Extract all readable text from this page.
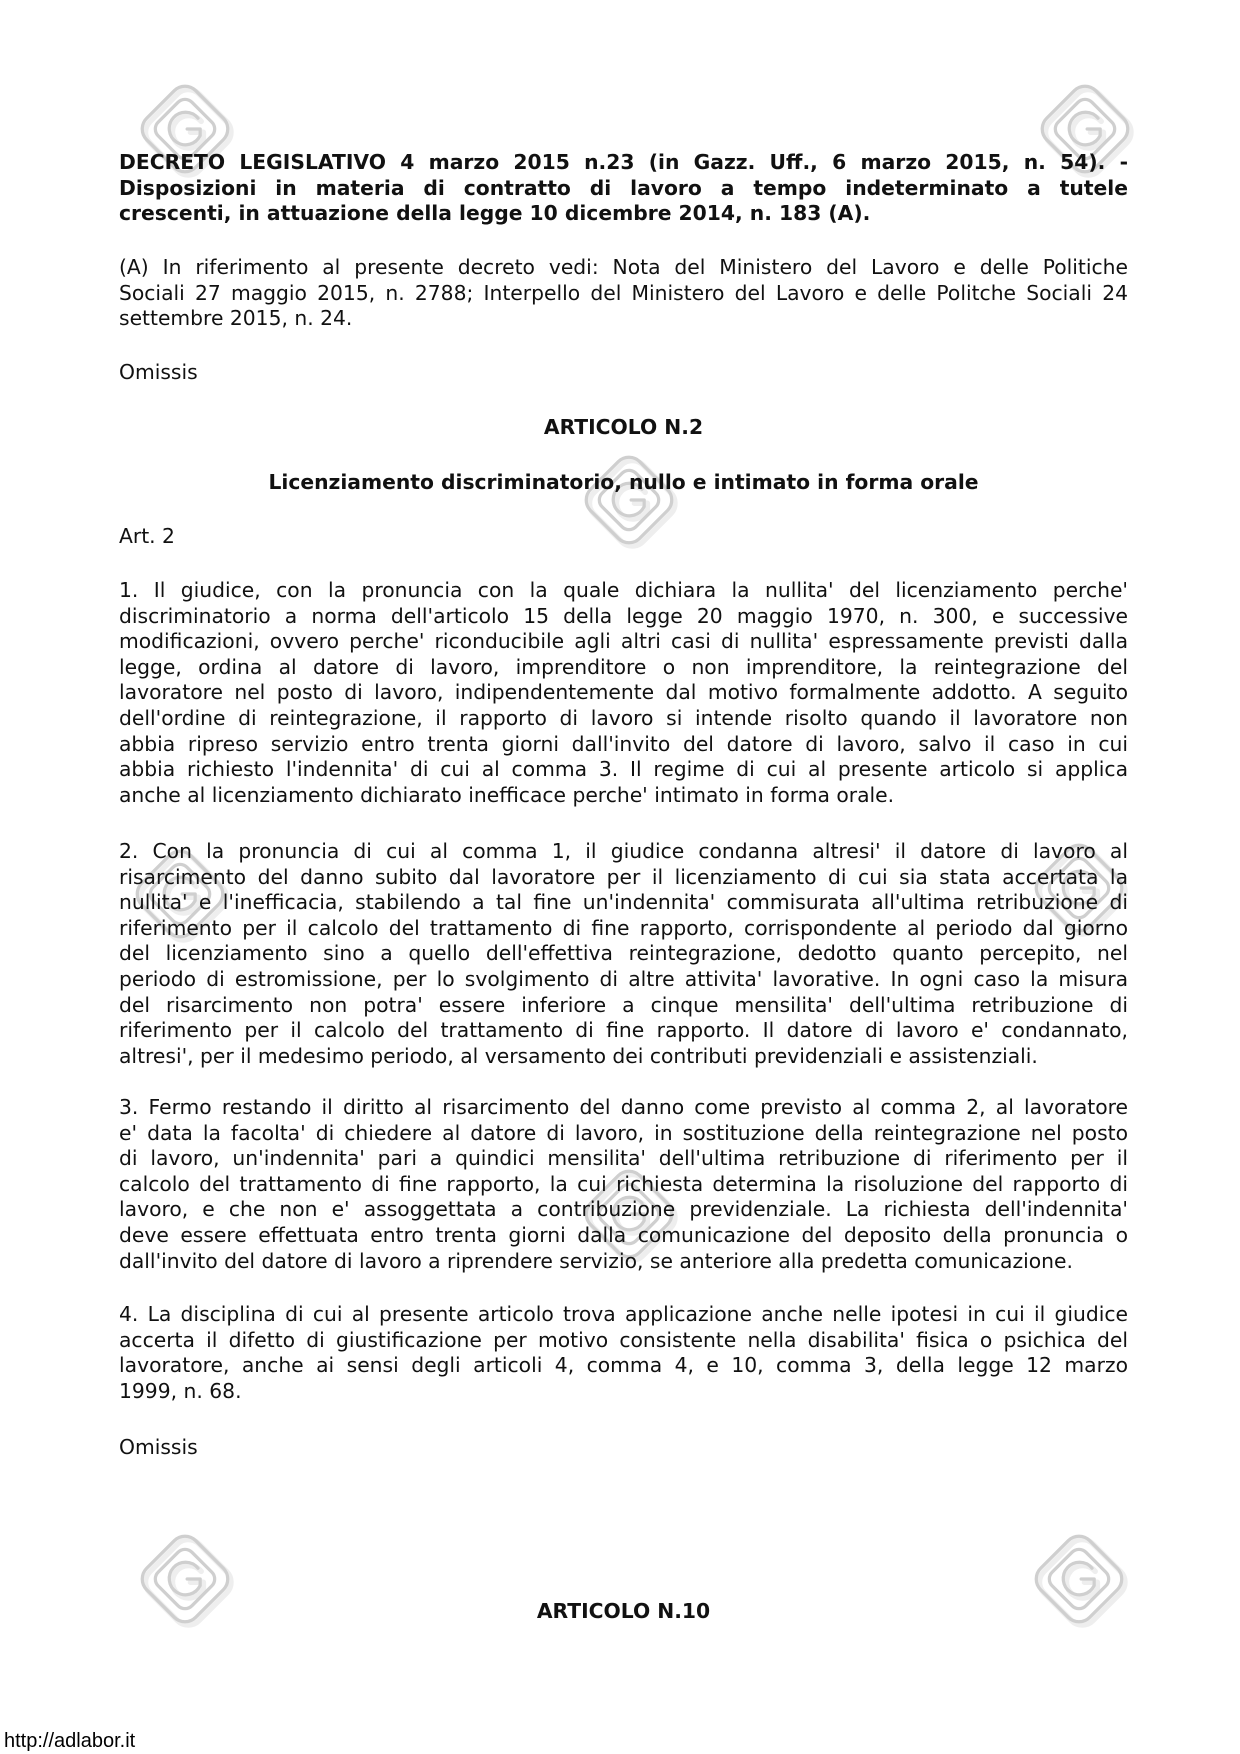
DECRETO LEGISLATIVO 4 marzo 2015 n.23 (in Gazz. Uff., 6 marzo 2015, n. 54). -
Disposizioni in materia di contratto di lavoro a tempo indeterminato a tutele
crescenti, in attuazione della legge 10 dicembre 2014, n. 183 (A).
(A) In riferimento al presente decreto vedi: Nota del Ministero del Lavoro e delle Politiche
Sociali 27 maggio 2015, n. 2788; Interpello del Ministero del Lavoro e delle Politche Sociali 24
settembre 2015, n. 24.
Omissis
ARTICOLO N.2
Licenziamento discriminatorio, nullo e intimato in forma orale
Art. 2
1. Il giudice, con la pronuncia con la quale dichiara la nullita' del licenziamento perche'
discriminatorio a norma dell'articolo 15 della legge 20 maggio 1970, n. 300, e successive
modificazioni, ovvero perche' riconducibile agli altri casi di nullita' espressamente previsti dalla
legge, ordina al datore di lavoro, imprenditore o non imprenditore, la reintegrazione del
lavoratore nel posto di lavoro, indipendentemente dal motivo formalmente addotto. A seguito
dell'ordine di reintegrazione, il rapporto di lavoro si intende risolto quando il lavoratore non
abbia ripreso servizio entro trenta giorni dall'invito del datore di lavoro, salvo il caso in cui
abbia richiesto l'indennita' di cui al comma 3. Il regime di cui al presente articolo si applica
anche al licenziamento dichiarato inefficace perche' intimato in forma orale.
2. Con la pronuncia di cui al comma 1, il giudice condanna altresi' il datore di lavoro al
risarcimento del danno subito dal lavoratore per il licenziamento di cui sia stata accertata la
nullita' e l'inefficacia, stabilendo a tal fine un'indennita' commisurata all'ultima retribuzione di
riferimento per il calcolo del trattamento di fine rapporto, corrispondente al periodo dal giorno
del licenziamento sino a quello dell'effettiva reintegrazione, dedotto quanto percepito, nel
periodo di estromissione, per lo svolgimento di altre attivita' lavorative. In ogni caso la misura
del risarcimento non potra' essere inferiore a cinque mensilita' dell'ultima retribuzione di
riferimento per il calcolo del trattamento di fine rapporto. Il datore di lavoro e' condannato,
altresi', per il medesimo periodo, al versamento dei contributi previdenziali e assistenziali.
3. Fermo restando il diritto al risarcimento del danno come previsto al comma 2, al lavoratore
e' data la facolta' di chiedere al datore di lavoro, in sostituzione della reintegrazione nel posto
di lavoro, un'indennita' pari a quindici mensilita' dell'ultima retribuzione di riferimento per il
calcolo del trattamento di fine rapporto, la cui richiesta determina la risoluzione del rapporto di
lavoro, e che non e' assoggettata a contribuzione previdenziale. La richiesta dell'indennita'
deve essere effettuata entro trenta giorni dalla comunicazione del deposito della pronuncia o
dall'invito del datore di lavoro a riprendere servizio, se anteriore alla predetta comunicazione.
4. La disciplina di cui al presente articolo trova applicazione anche nelle ipotesi in cui il giudice
accerta il difetto di giustificazione per motivo consistente nella disabilita' fisica o psichica del
lavoratore, anche ai sensi degli articoli 4, comma 4, e 10, comma 3, della legge 12 marzo
1999, n. 68.
Omissis
ARTICOLO N.10
http://adlabor.it
